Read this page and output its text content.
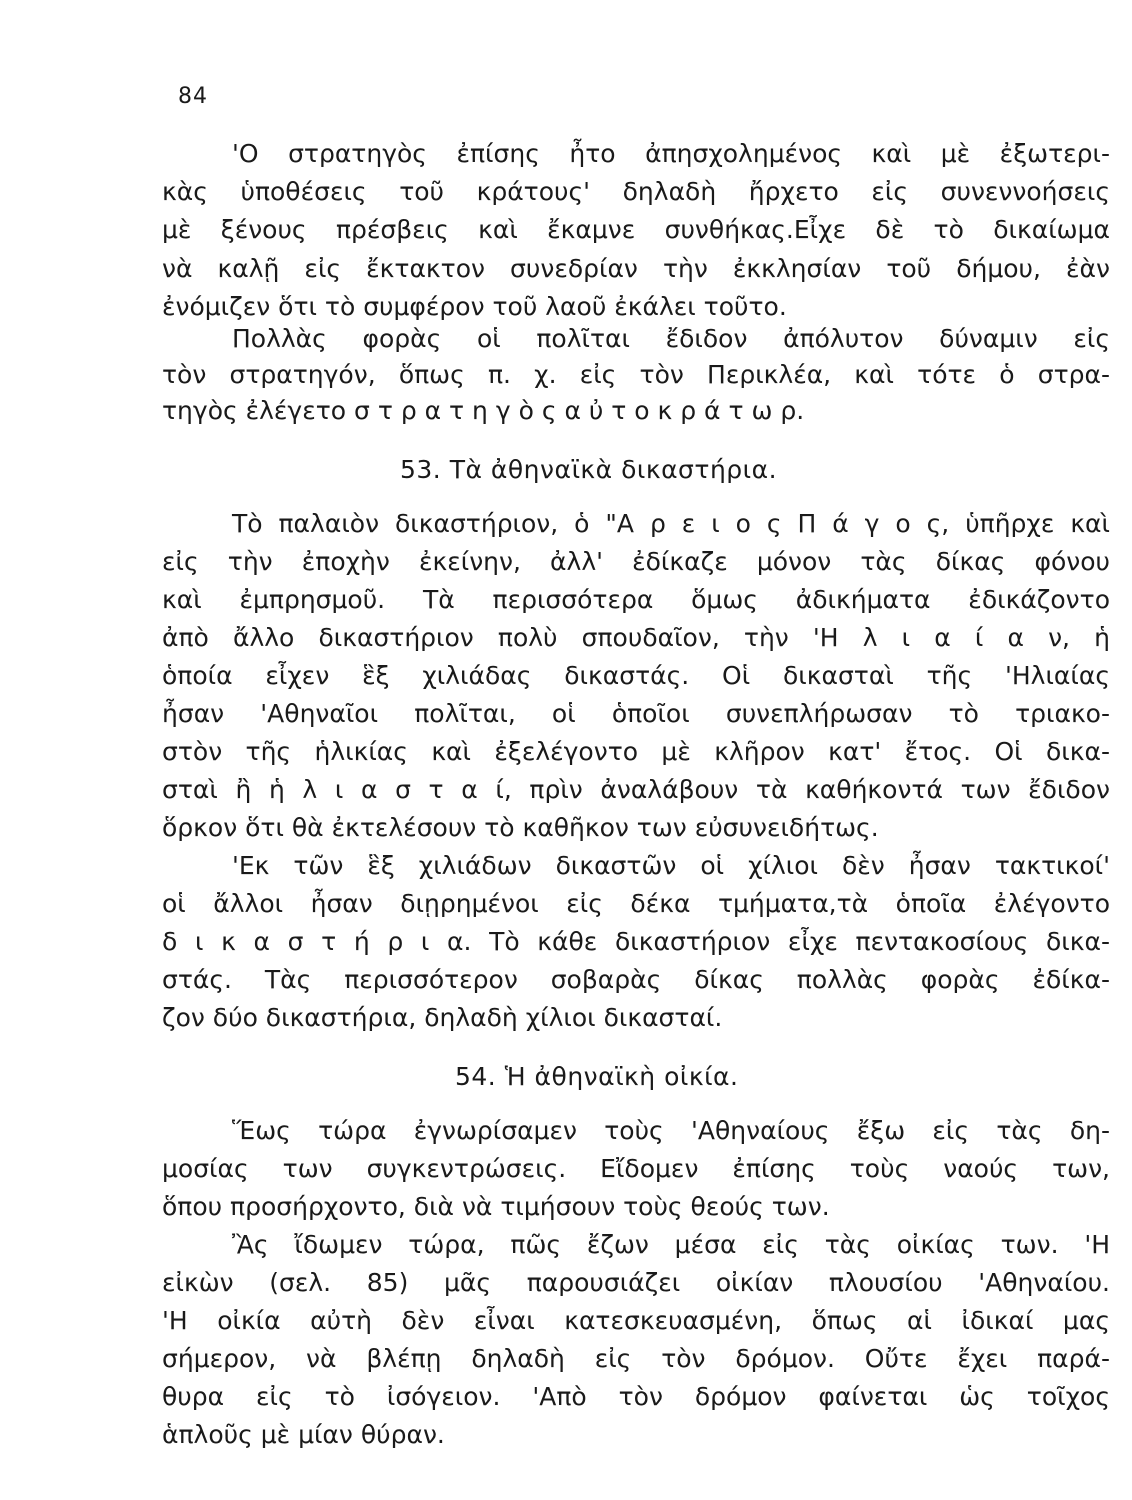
84
'Ο στρατηγὸς ἐπίσης ἦτο ἀπησχολημένος καὶ μὲ ἐξωτερι-
κὰς ὑποθέσεις τοῦ κράτους' δηλαδὴ ἤρχετο εἰς συνεννοήσεις
μὲ ξένους πρέσβεις καὶ ἔκαμνε συνθήκας.Εἶχε δὲ τὸ δικαίωμα
νὰ καλῇ εἰς ἔκτακτον συνεδρίαν τὴν ἐκκλησίαν τοῦ δήμου, ἐὰν
ἐνόμιζεν ὅτι τὸ συμφέρον τοῦ λαοῦ ἐκάλει τοῦτο.
Πολλὰς φορὰς οἱ πολῖται ἔδιδον ἀπόλυτον δύναμιν εἰς
τὸν στρατηγόν, ὅπως π. χ. εἰς τὸν Περικλέα, καὶ τότε ὁ στρα-
τηγὸς ἐλέγετο σ τ ρ α τ η γ ὸ ς α ὐ τ ο κ ρ ά τ ω ρ.
53. Τὰ ἀθηναϊκὰ δικαστήρια.
Τὸ παλαιὸν δικαστήριον, ὁ "Α ρ ε ι ο ς Π ά γ ο ς, ὑπῆρχε καὶ
εἰς τὴν ἐποχὴν ἐκείνην, ἀλλ' ἐδίκαζε μόνον τὰς δίκας φόνου
καὶ ἐμπρησμοῦ. Τὰ περισσότερα ὅμως ἀδικήματα ἐδικάζοντο
ἀπὸ ἄλλο δικαστήριον πολὺ σπουδαῖον, τὴν 'Η λ ι α ί α ν, ἡ
ὁποία εἶχεν ἓξ χιλιάδας δικαστάς. Οἱ δικασταὶ τῆς 'Ηλιαίας
ἦσαν 'Αθηναῖοι πολῖται, οἱ ὁποῖοι συνεπλήρωσαν τὸ τριακο-
στὸν τῆς ἡλικίας καὶ ἐξελέγοντο μὲ κλῆρον κατ' ἔτος. Οἱ δικα-
σταὶ ἢ ἡ λ ι α σ τ α ί, πρὶν ἀναλάβουν τὰ καθήκοντά των ἔδιδον
ὅρκον ὅτι θὰ ἐκτελέσουν τὸ καθῆκον των εὐσυνειδήτως.
'Εκ τῶν ἓξ χιλιάδων δικαστῶν οἱ χίλιοι δὲν ἦσαν τακτικοί'
οἱ ἄλλοι ἦσαν διῃρημένοι εἰς δέκα τμήματα,τὰ ὁποῖα ἐλέγοντο
δ ι κ α σ τ ή ρ ι α. Τὸ κάθε δικαστήριον εἶχε πεντακοσίους δικα-
στάς. Τὰς περισσότερον σοβαρὰς δίκας πολλὰς φορὰς ἐδίκα-
ζον δύο δικαστήρια, δηλαδὴ χίλιοι δικασταί.
54. Ἡ ἀθηναϊκὴ οἰκία.
Ἕως τώρα ἐγνωρίσαμεν τοὺς 'Αθηναίους ἔξω εἰς τὰς δη-
μοσίας των συγκεντρώσεις. Εἴδομεν ἐπίσης τοὺς ναούς των,
ὅπου προσήρχοντο, διὰ νὰ τιμήσουν τοὺς θεούς των.
Ἂς ἴδωμεν τώρα, πῶς ἔζων μέσα εἰς τὰς οἰκίας των. 'Η
εἰκὼν (σελ. 85) μᾶς παρουσιάζει οἰκίαν πλουσίου 'Αθηναίου.
'Η οἰκία αὐτὴ δὲν εἶναι κατεσκευασμένη, ὅπως αἱ ἰδικαί μας
σήμερον, νὰ βλέπῃ δηλαδὴ εἰς τὸν δρόμον. Οὔτε ἔχει παρά-
θυρα εἰς τὸ ἰσόγειον. 'Απὸ τὸν δρόμον φαίνεται ὡς τοῖχος
ἁπλοῦς μὲ μίαν θύραν.
